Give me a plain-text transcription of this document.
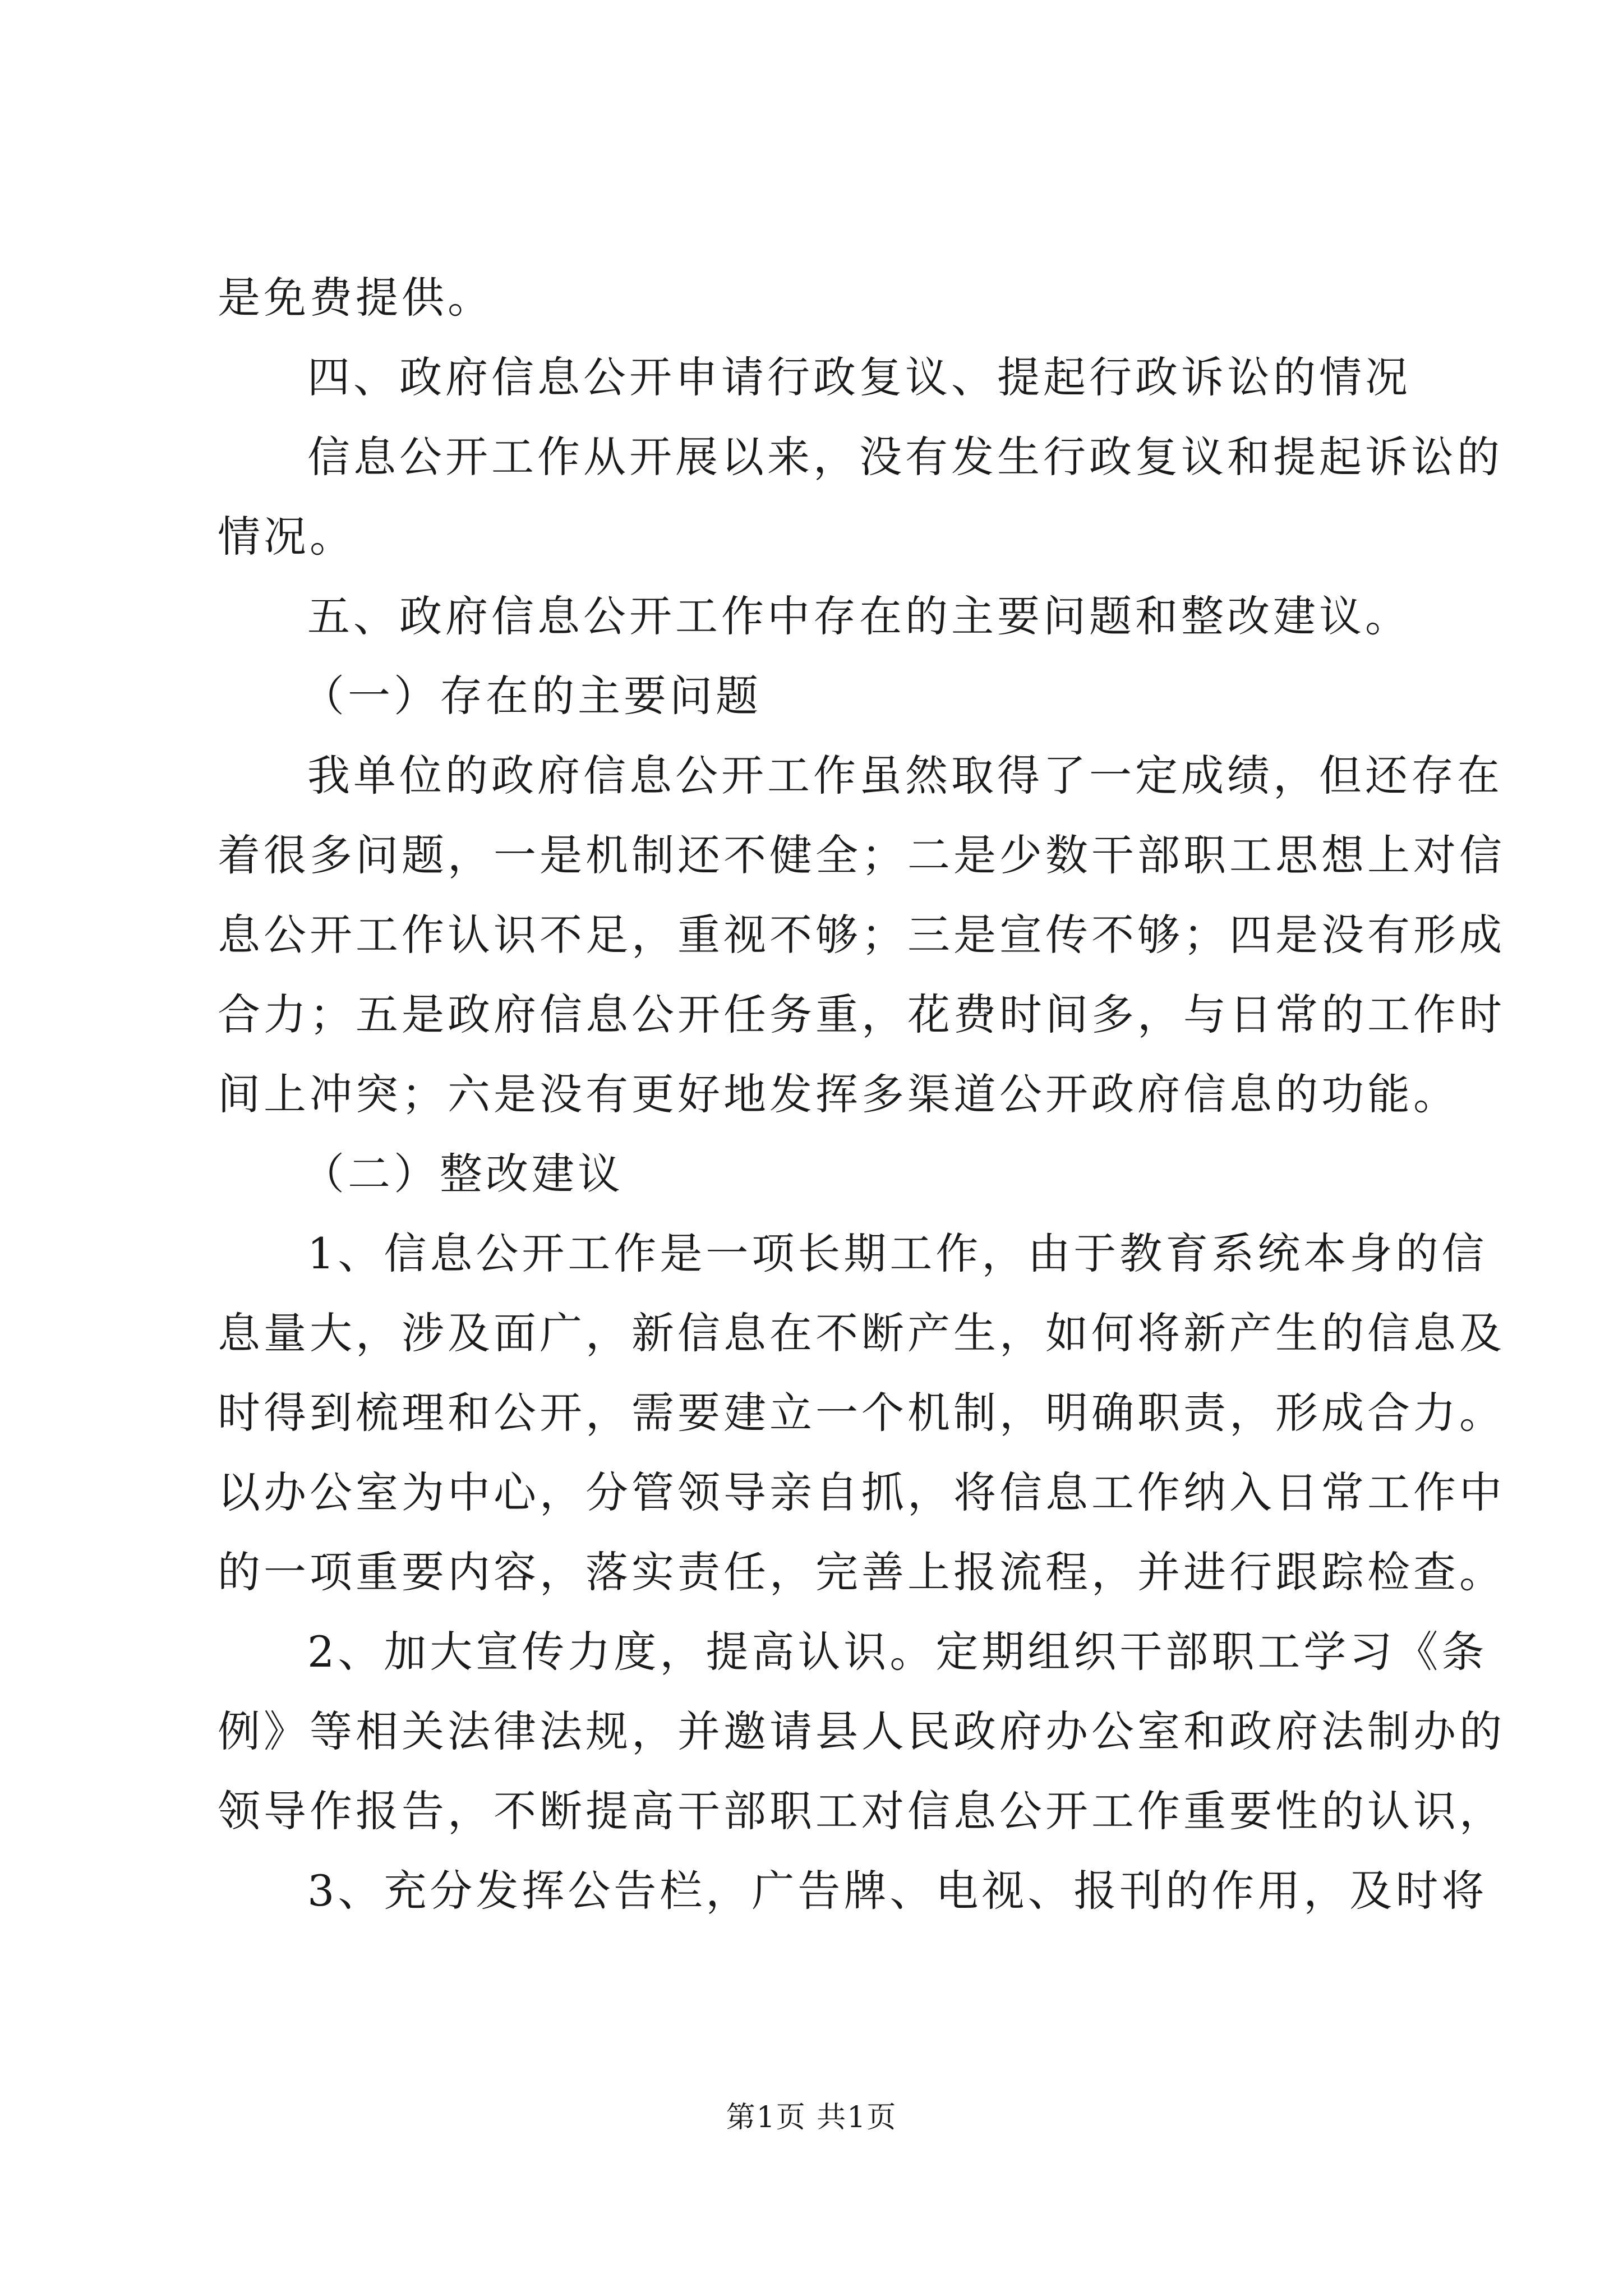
是免费提供。
四、政府信息公开申请行政复议、提起行政诉讼的情况
信息公开工作从开展以来，没有发生行政复议和提起诉讼的
情况。
五、政府信息公开工作中存在的主要问题和整改建议。
（一）存在的主要问题
我单位的政府信息公开工作虽然取得了一定成绩，但还存在
着很多问题，一是机制还不健全；二是少数干部职工思想上对信
息公开工作认识不足，重视不够；三是宣传不够；四是没有形成
合力；五是政府信息公开任务重，花费时间多，与日常的工作时
间上冲突；六是没有更好地发挥多渠道公开政府信息的功能。
（二）整改建议
1、信息公开工作是一项长期工作，由于教育系统本身的信
息量大，涉及面广，新信息在不断产生，如何将新产生的信息及
时得到梳理和公开，需要建立一个机制，明确职责，形成合力。
以办公室为中心，分管领导亲自抓，将信息工作纳入日常工作中
的一项重要内容，落实责任，完善上报流程，并进行跟踪检查。
2、加大宣传力度，提高认识。定期组织干部职工学习《条
例》等相关法律法规，并邀请县人民政府办公室和政府法制办的
领导作报告，不断提高干部职工对信息公开工作重要性的认识，
3、充分发挥公告栏，广告牌、电视、报刊的作用，及时将
第1页 共1页
